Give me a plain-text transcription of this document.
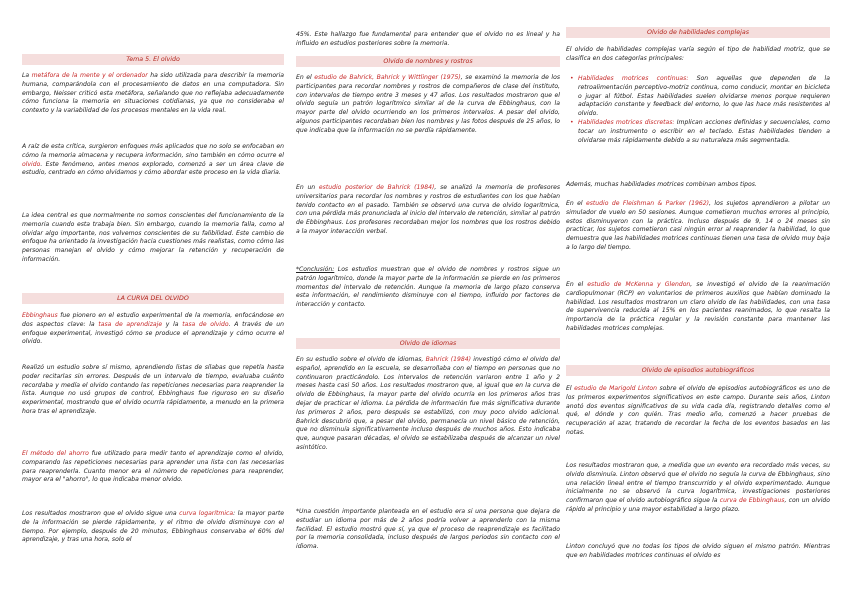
Tema 5. El olvido

La metáfora de la mente y el ordenador ha sido utilizada para describir la memoria humana, comparándola con el procesamiento de datos en una computadora. Sin embargo, Neisser criticó esta metáfora, señalando que no reflejaba adecuadamente cómo funciona la memoria en situaciones cotidianas, ya que no consideraba el contexto y la variabilidad de los procesos mentales en la vida real.

A raíz de esta crítica, surgieron enfoques más aplicados que no solo se enfocaban en cómo la memoria almacena y recupera información, sino también en cómo ocurre el olvido. Este fenómeno, antes menos explorado, comenzó a ser un área clave de estudio, centrado en cómo olvidamos y cómo abordar este proceso en la vida diaria.

La idea central es que normalmente no somos conscientes del funcionamiento de la memoria cuando esta trabaja bien. Sin embargo, cuando la memoria falla, como al olvidar algo importante, nos volvemos conscientes de su falibilidad. Este cambio de enfoque ha orientado la investigación hacia cuestiones más realistas, como cómo las personas manejan el olvido y cómo mejorar la retención y recuperación de información.

LA CURVA DEL OLVIDO

Ebbinghaus fue pionero en el estudio experimental de la memoria, enfocándose en dos aspectos clave: la tasa de aprendizaje y la tasa de olvido. A través de un enfoque experimental, investigó cómo se produce el aprendizaje y cómo ocurre el olvido.

Realizó un estudio sobre sí mismo, aprendiendo listas de sílabas que repetía hasta poder recitarlas sin errores. Después de un intervalo de tiempo, evaluaba cuánto recordaba y medía el olvido contando las repeticiones necesarias para reaprender la lista. Aunque no usó grupos de control, Ebbinghaus fue riguroso en su diseño experimental, mostrando que el olvido ocurría rápidamente, a menudo en la primera hora tras el aprendizaje.

El método del ahorro fue utilizado para medir tanto el aprendizaje como el olvido, comparando las repeticiones necesarias para aprender una lista con las necesarias para reaprenderla. Cuanto menor era el número de repeticiones para reaprender, mayor era el "ahorro", lo que indicaba menor olvido.

Los resultados mostraron que el olvido sigue una curva logarítmica: la mayor parte de la información se pierde rápidamente, y el ritmo de olvido disminuye con el tiempo. Por ejemplo, después de 20 minutos, Ebbinghaus conservaba el 60% del aprendizaje, y tras una hora, solo el

45%. Este hallazgo fue fundamental para entender que el olvido no es lineal y ha influido en estudios posteriores sobre la memoria.

Olvido de nombres y rostros

En el estudio de Bahrick, Bahrick y Wittlinger (1975), se examinó la memoria de los participantes para recordar nombres y rostros de compañeros de clase del instituto, con intervalos de tiempo entre 3 meses y 47 años. Los resultados mostraron que el olvido seguía un patrón logarítmico similar al de la curva de Ebbinghaus, con la mayor parte del olvido ocurriendo en los primeros intervalos. A pesar del olvido, algunos participantes recordaban bien los nombres y las fotos después de 25 años, lo que indicaba que la información no se perdía rápidamente.

En un estudio posterior de Bahrick (1984), se analizó la memoria de profesores universitarios para recordar los nombres y rostros de estudiantes con los que habían tenido contacto en el pasado. También se observó una curva de olvido logarítmica, con una pérdida más pronunciada al inicio del intervalo de retención, similar al patrón de Ebbinghaus. Los profesores recordaban mejor los nombres que los rostros debido a la mayor interacción verbal.

*Conclusión: Los estudios muestran que el olvido de nombres y rostros sigue un patrón logarítmico, donde la mayor parte de la información se pierde en los primeros momentos del intervalo de retención. Aunque la memoria de largo plazo conserva esta información, el rendimiento disminuye con el tiempo, influido por factores de interacción y contacto.

Olvido de idiomas

En su estudio sobre el olvido de idiomas, Bahrick (1984) investigó cómo el olvido del español, aprendido en la escuela, se desarrollaba con el tiempo en personas que no continuaron practicándolo. Los intervalos de retención variaron entre 1 año y 2 meses hasta casi 50 años. Los resultados mostraron que, al igual que en la curva de olvido de Ebbinghaus, la mayor parte del olvido ocurría en los primeros años tras dejar de practicar el idioma. La pérdida de información fue más significativa durante los primeros 2 años, pero después se estabilizó, con muy poco olvido adicional. Bahrick descubrió que, a pesar del olvido, permanecía un nivel básico de retención, que no disminuía significativamente incluso después de muchos años. Esto indicaba que, aunque pasaran décadas, el olvido se estabilizaba después de alcanzar un nivel asintótico.

*Una cuestión importante planteada en el estudio era si una persona que dejara de estudiar un idioma por más de 2 años podría volver a aprenderlo con la misma facilidad. El estudio mostró que sí, ya que el proceso de reaprendizaje es facilitado por la memoria consolidada, incluso después de largos periodos sin contacto con el idioma.

Olvido de habilidades complejas

El olvido de habilidades complejas varía según el tipo de habilidad motriz, que se clasifica en dos categorías principales:

• Habilidades motrices continuas: Son aquellas que dependen de la retroalimentación perceptivo-motriz continua, como conducir, montar en bicicleta o jugar al fútbol. Estas habilidades suelen olvidarse menos porque requieren adaptación constante y feedback del entorno, lo que las hace más resistentes al olvido.
• Habilidades motrices discretas: Implican acciones definidas y secuenciales, como tocar un instrumento o escribir en el teclado. Estas habilidades tienden a olvidarse más rápidamente debido a su naturaleza más segmentada.

Además, muchas habilidades motrices combinan ambos tipos.

En el estudio de Fleishman & Parker (1962), los sujetos aprendieron a pilotar un simulador de vuelo en 50 sesiones. Aunque cometieron muchos errores al principio, estos disminuyeron con la práctica. Incluso después de 9, 14 o 24 meses sin practicar, los sujetos cometieron casi ningún error al reaprender la habilidad, lo que demuestra que las habilidades motrices continuas tienen una tasa de olvido muy baja a lo largo del tiempo.

En el estudio de McKenna y Glendon, se investigó el olvido de la reanimación cardiopulmonar (RCP) en voluntarios de primeros auxilios que habían dominado la habilidad. Los resultados mostraron un claro olvido de las habilidades, con una tasa de supervivencia reducida al 15% en los pacientes reanimados, lo que resalta la importancia de la práctica regular y la revisión constante para mantener las habilidades motrices complejas.

Olvido de episodios autobiográficos

El estudio de Marigold Linton sobre el olvido de episodios autobiográficos es uno de los primeros experimentos significativos en este campo. Durante seis años, Linton anotó dos eventos significativos de su vida cada día, registrando detalles como el qué, el dónde y con quién. Tras medio año, comenzó a hacer pruebas de recuperación al azar, tratando de recordar la fecha de los eventos basados en las notas.

Los resultados mostraron que, a medida que un evento era recordado más veces, su olvido disminuía. Linton observó que el olvido no seguía la curva de Ebbinghaus, sino una relación lineal entre el tiempo transcurrido y el olvido experimentado. Aunque inicialmente no se observó la curva logarítmica, investigaciones posteriores confirmaron que el olvido autobiográfico sigue la curva de Ebbinghaus, con un olvido rápido al principio y una mayor estabilidad a largo plazo.

Linton concluyó que no todas los tipos de olvido siguen el mismo patrón. Mientras que en habilidades motrices continuas el olvido es
